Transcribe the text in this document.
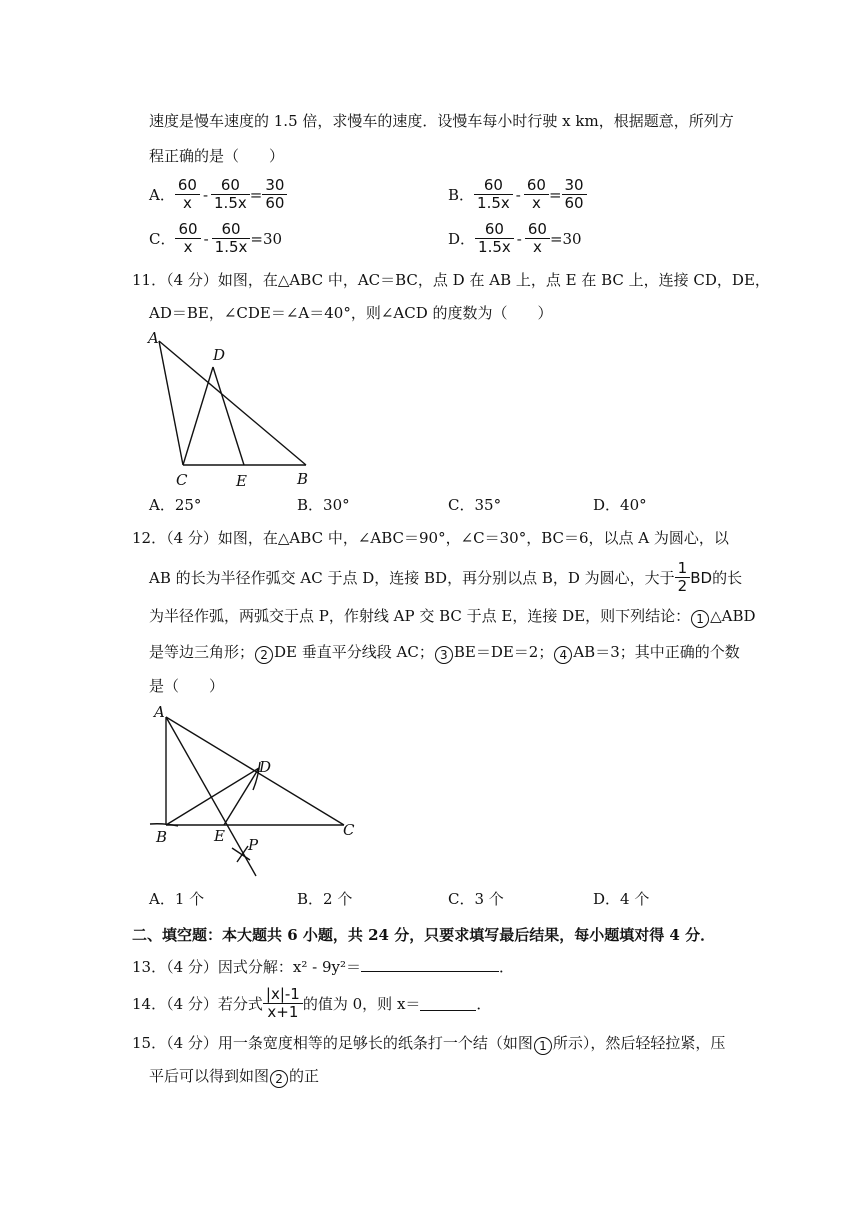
速度是慢车速度的 1.5 倍，求慢车的速度．设慢车每小时行驶 x km，根据题意，所列方
程正确的是（　　）
A． $\frac{60}{x} - \frac{60}{1.5x} = \frac{30}{60}$	B． $\frac{60}{1.5x} - \frac{60}{x} = \frac{30}{60}$
C． $\frac{60}{x} - \frac{60}{1.5x} = 30$	D． $\frac{60}{1.5x} - \frac{60}{x} = 30$
11．（4 分）如图，在△ABC 中，AC＝BC，点 D 在 AB 上，点 E 在 BC 上，连接 CD，DE，
AD＝BE，∠CDE＝∠A＝40°，则∠ACD 的度数为（　　）
A
D
C	E	B
A．25°	B．30°	C．35°	D．40°
12．（4 分）如图，在△ABC 中，∠ABC＝90°，∠C＝30°，BC＝6，以点 A 为圆心，以
AB 的长为半径作弧交 AC 于点 D，连接 BD，再分别以点 B，D 为圆心，大于 $\frac{1}{2}$ BD 的长
为半径作弧，两弧交于点 P，作射线 AP 交 BC 于点 E，连接 DE，则下列结论： 1 △ABD
是等边三角形； 2 DE 垂直平分线段 AC； 3 BE＝DE＝2； 4 AB＝3；其中正确的个数
是（　　）
A
D
B	E	C
P
A．1 个	B．2 个	C．3 个	D．4 个
二、填空题：本大题共 6 小题，共 24 分，只要求填写最后结果，每小题填对得 4 分．
13．（4 分）因式分解：x² - 9y²＝	．
14．（4 分）若分式 $\frac{|x|-1}{x+1}$ 的值为 0，则 x＝	．
15．（4 分）用一条宽度相等的足够长的纸条打一个结（如图 1 所示），然后轻轻拉紧，压
平后可以得到如图 2 的正
